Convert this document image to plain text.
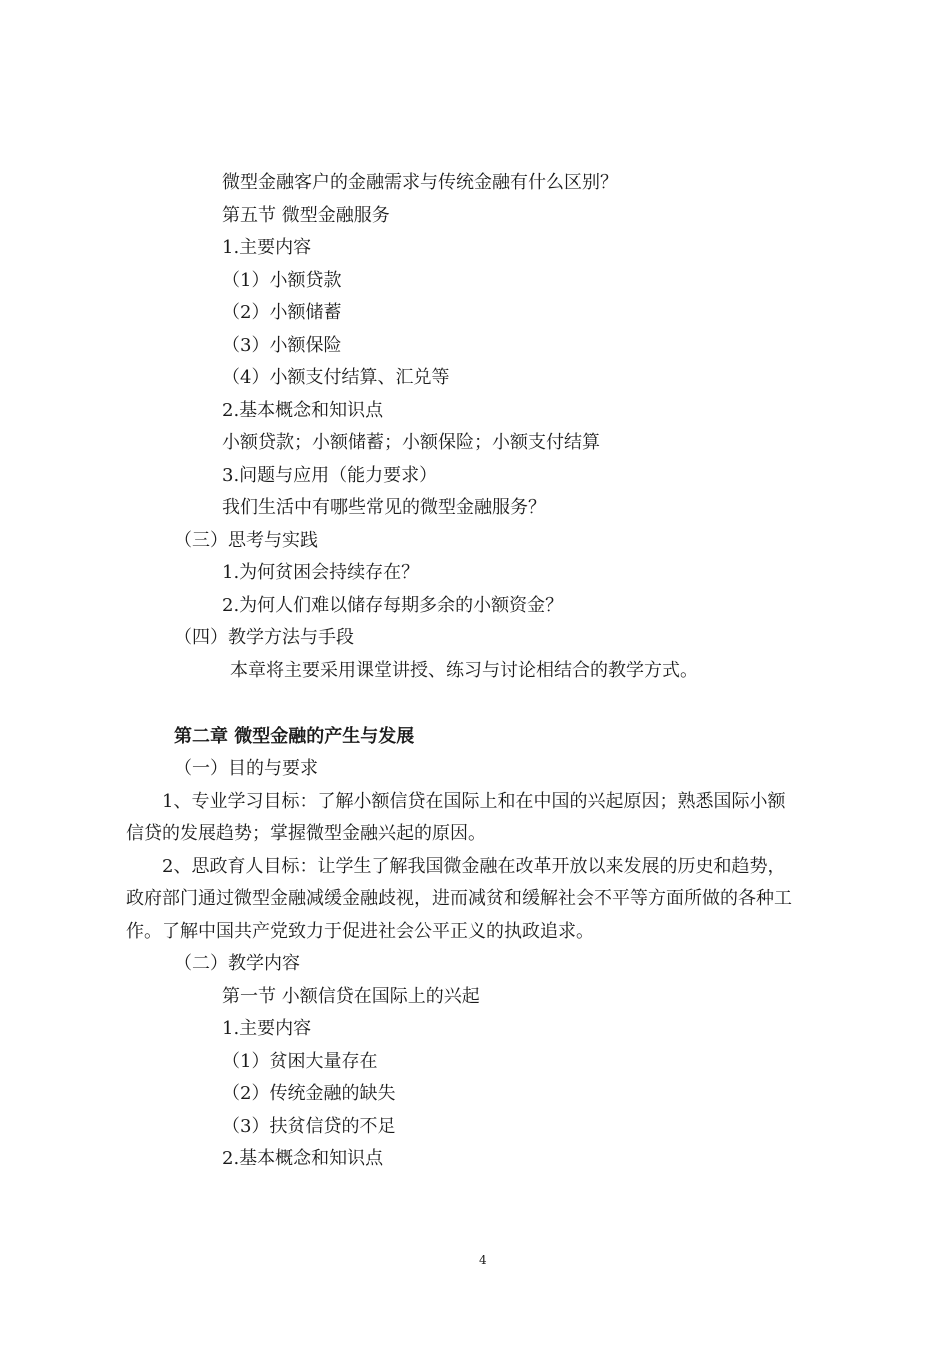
微型金融客户的金融需求与传统金融有什么区别？
第五节 微型金融服务
1.主要内容
（1）小额贷款
（2）小额储蓄
（3）小额保险
（4）小额支付结算、汇兑等
2.基本概念和知识点
小额贷款；小额储蓄；小额保险；小额支付结算
3.问题与应用（能力要求）
我们生活中有哪些常见的微型金融服务？
（三）思考与实践
1.为何贫困会持续存在？
2.为何人们难以储存每期多余的小额资金？
（四）教学方法与手段
本章将主要采用课堂讲授、练习与讨论相结合的教学方式。
第二章 微型金融的产生与发展
（一）目的与要求
1、专业学习目标：了解小额信贷在国际上和在中国的兴起原因；熟悉国际小额
信贷的发展趋势；掌握微型金融兴起的原因。
2、思政育人目标：让学生了解我国微金融在改革开放以来发展的历史和趋势，
政府部门通过微型金融减缓金融歧视，进而减贫和缓解社会不平等方面所做的各种工
作。了解中国共产党致力于促进社会公平正义的执政追求。
（二）教学内容
第一节 小额信贷在国际上的兴起
1.主要内容
（1）贫困大量存在
（2）传统金融的缺失
（3）扶贫信贷的不足
2.基本概念和知识点
4
